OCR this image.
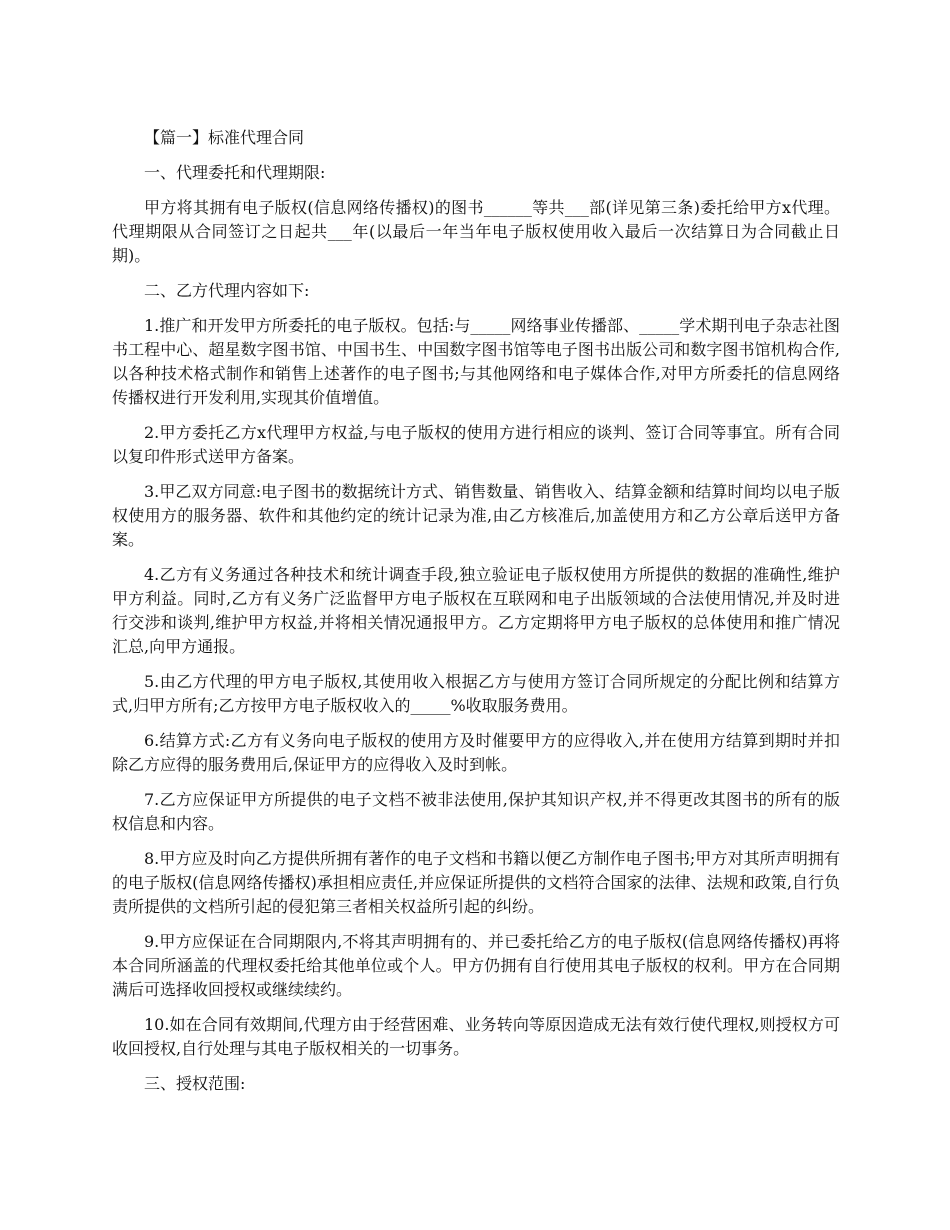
【篇一】标准代理合同

一、代理委托和代理期限:

甲方将其拥有电子版权(信息网络传播权)的图书______等共___部(详见第三条)委托给甲方x代理。代理期限从合同签订之日起共___年(以最后一年当年电子版权使用收入最后一次结算日为合同截止日期)。

二、乙方代理内容如下:

1.推广和开发甲方所委托的电子版权。包括:与_____网络事业传播部、_____学术期刊电子杂志社图书工程中心、超星数字图书馆、中国书生、中国数字图书馆等电子图书出版公司和数字图书馆机构合作,以各种技术格式制作和销售上述著作的电子图书;与其他网络和电子媒体合作,对甲方所委托的信息网络传播权进行开发利用,实现其价值增值。

2.甲方委托乙方x代理甲方权益,与电子版权的使用方进行相应的谈判、签订合同等事宜。所有合同以复印件形式送甲方备案。

3.甲乙双方同意:电子图书的数据统计方式、销售数量、销售收入、结算金额和结算时间均以电子版权使用方的服务器、软件和其他约定的统计记录为准,由乙方核准后,加盖使用方和乙方公章后送甲方备案。

4.乙方有义务通过各种技术和统计调查手段,独立验证电子版权使用方所提供的数据的准确性,维护甲方利益。同时,乙方有义务广泛监督甲方电子版权在互联网和电子出版领域的合法使用情况,并及时进行交涉和谈判,维护甲方权益,并将相关情况通报甲方。乙方定期将甲方电子版权的总体使用和推广情况汇总,向甲方通报。

5.由乙方代理的甲方电子版权,其使用收入根据乙方与使用方签订合同所规定的分配比例和结算方式,归甲方所有;乙方按甲方电子版权收入的_____%收取服务费用。

6.结算方式:乙方有义务向电子版权的使用方及时催要甲方的应得收入,并在使用方结算到期时并扣除乙方应得的服务费用后,保证甲方的应得收入及时到帐。

7.乙方应保证甲方所提供的电子文档不被非法使用,保护其知识产权,并不得更改其图书的所有的版权信息和内容。

8.甲方应及时向乙方提供所拥有著作的电子文档和书籍以便乙方制作电子图书;甲方对其所声明拥有的电子版权(信息网络传播权)承担相应责任,并应保证所提供的文档符合国家的法律、法规和政策,自行负责所提供的文档所引起的侵犯第三者相关权益所引起的纠纷。

9.甲方应保证在合同期限内,不将其声明拥有的、并已委托给乙方的电子版权(信息网络传播权)再将本合同所涵盖的代理权委托给其他单位或个人。甲方仍拥有自行使用其电子版权的权利。甲方在合同期满后可选择收回授权或继续续约。

10.如在合同有效期间,代理方由于经营困难、业务转向等原因造成无法有效行使代理权,则授权方可收回授权,自行处理与其电子版权相关的一切事务。

三、授权范围:
